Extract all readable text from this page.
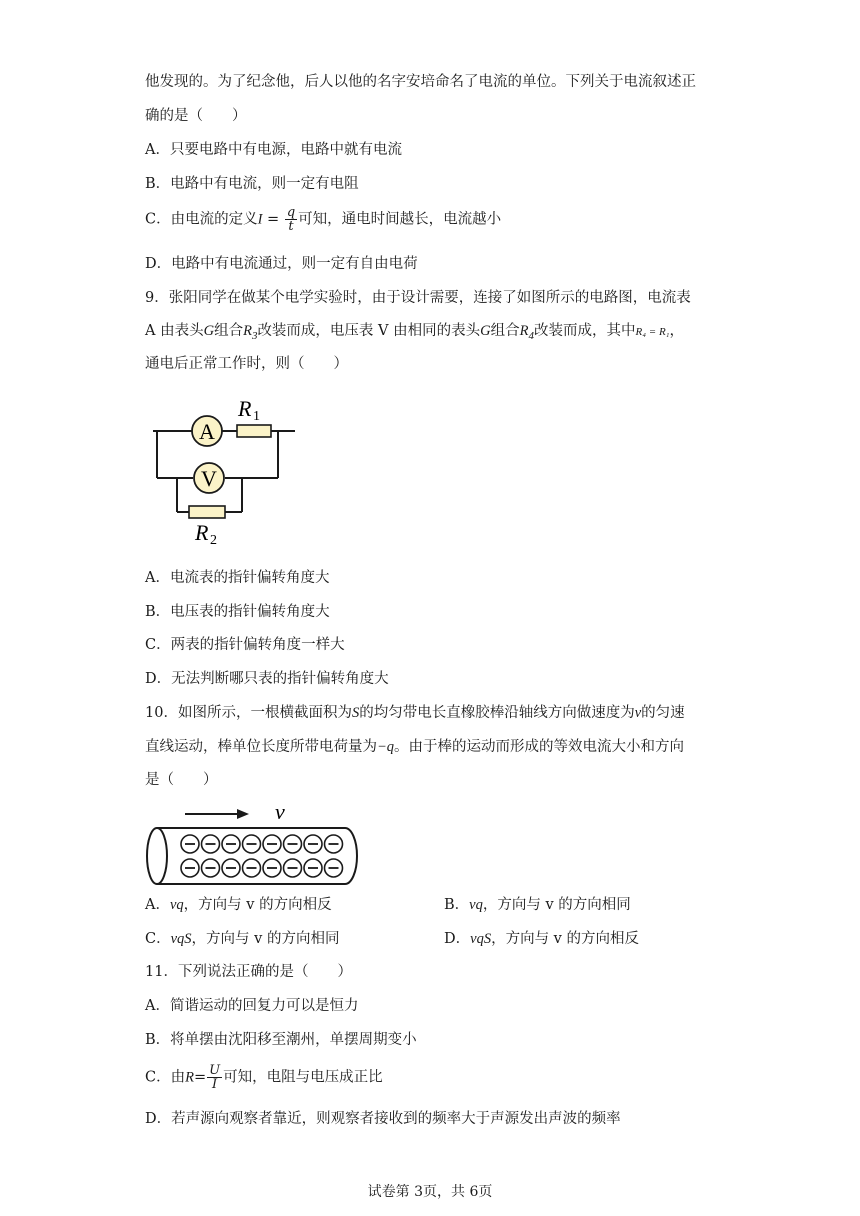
他发现的。为了纪念他，后人以他的名字安培命名了电流的单位。下列关于电流叙述正
确的是（　　）
A．只要电路中有电源，电路中就有电流
B．电路中有电流，则一定有电阻
C．由电流的定义$I = \frac{q}{t}$ 可知，通电时间越长，电流越小
D．电路中有电流通过，则一定有自由电荷
9．张阳同学在做某个电学实验时，由于设计需要，连接了如图所示的电路图，电流表
A 由表头G组合$R_3$改装而成，电压表 V 由相同的表头G组合$R_4$改装而成，其中R₄ = R₁，
通电后正常工作时，则（　　）
A
R 1
V
R 2
A．电流表的指针偏转角度大
B．电压表的指针偏转角度大
C．两表的指针偏转角度一样大
D．无法判断哪只表的指针偏转角度大
10．如图所示，一根横截面积为S的均匀带电长直橡胶棒沿轴线方向做速度为v的匀速
直线运动，棒单位长度所带电荷量为−q。由于棒的运动而形成的等效电流大小和方向
是（　　）
v
A．vq，方向与 v 的方向相反	B．vq，方向与 v 的方向相同
C．vqS，方向与 v 的方向相同	D．vqS，方向与 v 的方向相反
11．下列说法正确的是（　　）
A．简谐运动的回复力可以是恒力
B．将单摆由沈阳移至潮州，单摆周期变小
C．由$R= \frac{U}{I}$ 可知，电阻与电压成正比
D．若声源向观察者靠近，则观察者接收到的频率大于声源发出声波的频率
试卷第 3页，共 6页
